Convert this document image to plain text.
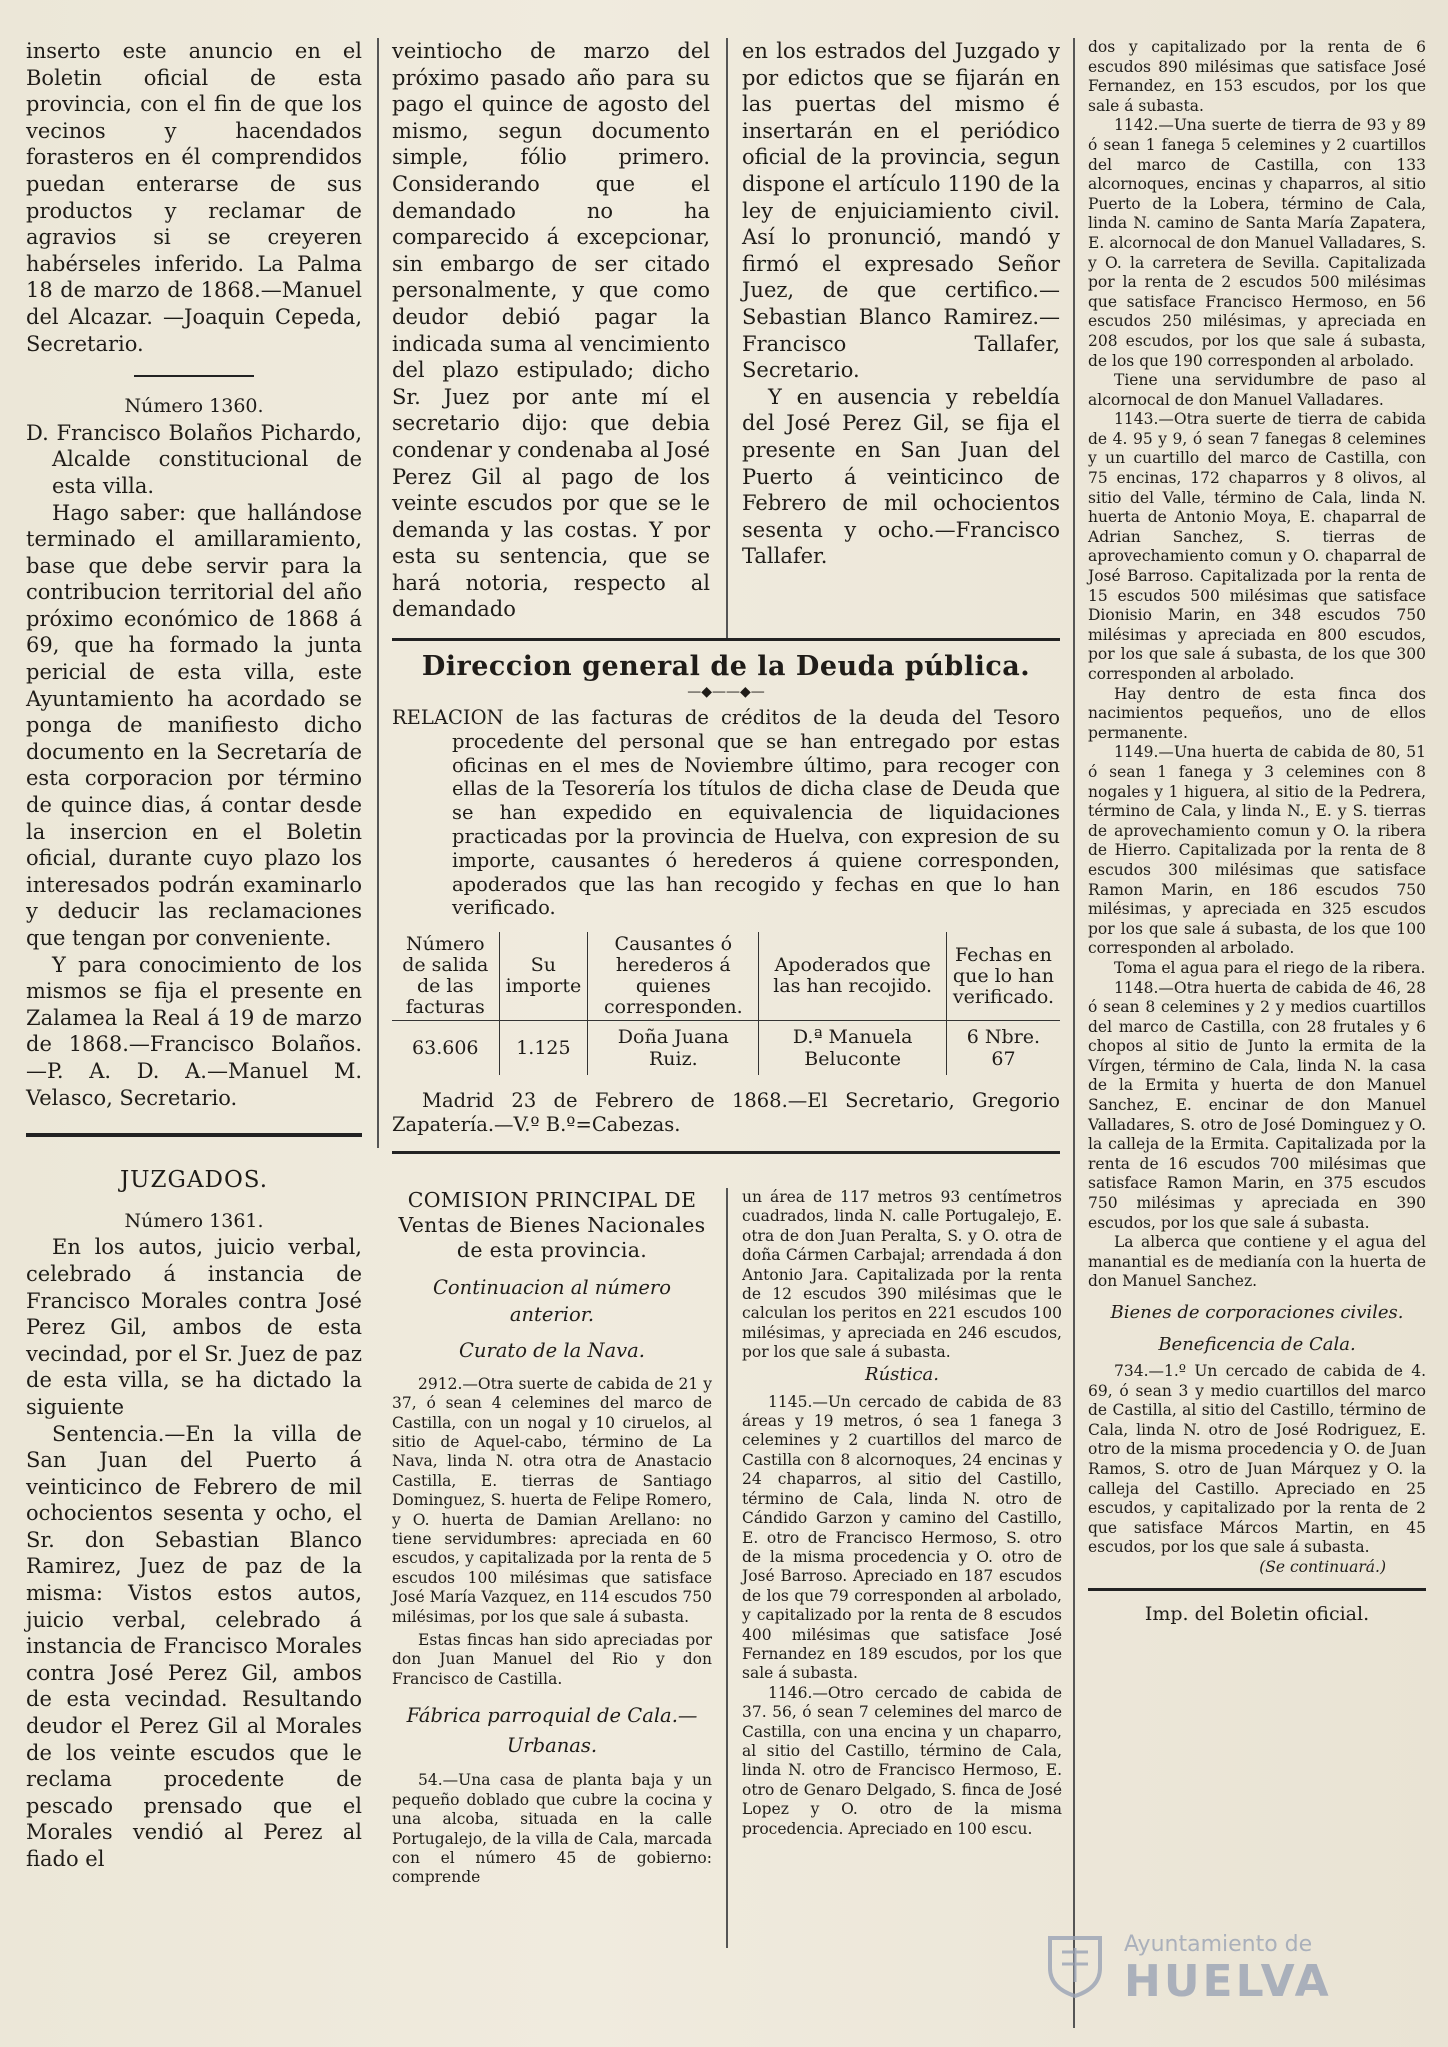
inserto este anuncio en el Boletin oficial de esta provincia, con el fin de que los vecinos y hacendados forasteros en él comprendidos puedan enterarse de sus productos y reclamar de agravios si se creyeren habérseles inferido. La Palma 18 de marzo de 1868.—Manuel del Alcazar. —Joaquin Cepeda, Secretario.

Número 1360.

D. Francisco Bolaños Pichardo, Alcalde constitucional de esta villa.

Hago saber: que hallándose terminado el amillaramiento, base que debe servir para la contribucion territorial del año próximo económico de 1868 á 69, que ha formado la junta pericial de esta villa, este Ayuntamiento ha acordado se ponga de manifiesto dicho documento en la Secretaría de esta corporacion por término de quince dias, á contar desde la insercion en el Boletin oficial, durante cuyo plazo los interesados podrán examinarlo y deducir las reclamaciones que tengan por conveniente.

Y para conocimiento de los mismos se fija el presente en Zalamea la Real á 19 de marzo de 1868.—Francisco Bolaños.—P. A. D. A.—Manuel M. Velasco, Secretario.

JUZGADOS.

Número 1361.

En los autos, juicio verbal, celebrado á instancia de Francisco Morales contra José Perez Gil, ambos de esta vecindad, por el Sr. Juez de paz de esta villa, se ha dictado la siguiente

Sentencia.—En la villa de San Juan del Puerto á veinticinco de Febrero de mil ochocientos sesenta y ocho, el Sr. don Sebastian Blanco Ramirez, Juez de paz de la misma: Vistos estos autos, juicio verbal, celebrado á instancia de Francisco Morales contra José Perez Gil, ambos de esta vecindad. Resultando deudor el Perez Gil al Morales de los veinte escudos que le reclama procedente de pescado prensado que el Morales vendió al Perez al fiado el

veintiocho de marzo del próximo pasado año para su pago el quince de agosto del mismo, segun documento simple, fólio primero. Considerando que el demandado no ha comparecido á excepcionar, sin embargo de ser citado personalmente, y que como deudor debió pagar la indicada suma al vencimiento del plazo estipulado; dicho Sr. Juez por ante mí el secretario dijo: que debia condenar y condenaba al José Perez Gil al pago de los veinte escudos por que se le demanda y las costas. Y por esta su sentencia, que se hará notoria, respecto al demandado

en los estrados del Juzgado y por edictos que se fijarán en las puertas del mismo é insertarán en el periódico oficial de la provincia, segun dispone el artículo 1190 de la ley de enjuiciamiento civil. Así lo pronunció, mandó y firmó el expresado Señor Juez, de que certifico.—Sebastian Blanco Ramirez.—Francisco Tallafer, Secretario.

Y en ausencia y rebeldía del José Perez Gil, se fija el presente en San Juan del Puerto á veinticinco de Febrero de mil ochocientos sesenta y ocho.—Francisco Tallafer.

Direccion general de la Deuda pública.
—◆——◆—

RELACION de las facturas de créditos de la deuda del Tesoro procedente del personal que se han entregado por estas oficinas en el mes de Noviembre último, para recoger con ellas de la Tesorería los títulos de dicha clase de Deuda que se han expedido en equivalencia de liquidaciones practicadas por la provincia de Huelva, con expresion de su importe, causantes ó herederos á quiene corresponden, apoderados que las han recogido y fechas en que lo han verificado.

Número de salida de las facturas	Su importe	Causantes ó herederos á quienes corresponden.	Apoderados que las han recojido.	Fechas en que lo han verificado.
63.606	1.125	Doña Juana Ruiz.	D.ª Manuela Beluconte	6 Nbre. 67

Madrid 23 de Febrero de 1868.—El Secretario, Gregorio Zapatería.—V.º B.º=Cabezas.

COMISION PRINCIPAL DE Ventas de Bienes Nacionales de esta provincia.

Continuacion al número anterior.

Curato de la Nava.

2912.—Otra suerte de cabida de 21 y 37, ó sean 4 celemines del marco de Castilla, con un nogal y 10 ciruelos, al sitio de Aquel-cabo, término de La Nava, linda N. otra otra de Anastacio Castilla, E. tierras de Santiago Dominguez, S. huerta de Felipe Romero, y O. huerta de Damian Arellano: no tiene servidumbres: apreciada en 60 escudos, y capitalizada por la renta de 5 escudos 100 milésimas que satisface José María Vazquez, en 114 escudos 750 milésimas, por los que sale á subasta.

Estas fincas han sido apreciadas por don Juan Manuel del Rio y don Francisco de Castilla.

Fábrica parroquial de Cala.—Urbanas.

54.—Una casa de planta baja y un pequeño doblado que cubre la cocina y una alcoba, situada en la calle Portugalejo, de la villa de Cala, marcada con el número 45 de gobierno: comprende

un área de 117 metros 93 centímetros cuadrados, linda N. calle Portugalejo, E. otra de don Juan Peralta, S. y O. otra de doña Cármen Carbajal; arrendada á don Antonio Jara. Capitalizada por la renta de 12 escudos 390 milésimas que le calculan los peritos en 221 escudos 100 milésimas, y apreciada en 246 escudos, por los que sale á subasta.

Rústica.

1145.—Un cercado de cabida de 83 áreas y 19 metros, ó sea 1 fanega 3 celemines y 2 cuartillos del marco de Castilla con 8 alcornoques, 24 encinas y 24 chaparros, al sitio del Castillo, término de Cala, linda N. otro de Cándido Garzon y camino del Castillo, E. otro de Francisco Hermoso, S. otro de la misma procedencia y O. otro de José Barroso. Apreciado en 187 escudos de los que 79 corresponden al arbolado, y capitalizado por la renta de 8 escudos 400 milésimas que satisface José Fernandez en 189 escudos, por los que sale á subasta.

1146.—Otro cercado de cabida de 37. 56, ó sean 7 celemines del marco de Castilla, con una encina y un chaparro, al sitio del Castillo, término de Cala, linda N. otro de Francisco Hermoso, E. otro de Genaro Delgado, S. finca de José Lopez y O. otro de la misma procedencia. Apreciado en 100 escu.

dos y capitalizado por la renta de 6 escudos 890 milésimas que satisface José Fernandez, en 153 escudos, por los que sale á subasta.

1142.—Una suerte de tierra de 93 y 89 ó sean 1 fanega 5 celemines y 2 cuartillos del marco de Castilla, con 133 alcornoques, encinas y chaparros, al sitio Puerto de la Lobera, término de Cala, linda N. camino de Santa María Zapatera, E. alcornocal de don Manuel Valladares, S. y O. la carretera de Sevilla. Capitalizada por la renta de 2 escudos 500 milésimas que satisface Francisco Hermoso, en 56 escudos 250 milésimas, y apreciada en 208 escudos, por los que sale á subasta, de los que 190 corresponden al arbolado.

Tiene una servidumbre de paso al alcornocal de don Manuel Valladares.

1143.—Otra suerte de tierra de cabida de 4. 95 y 9, ó sean 7 fanegas 8 celemines y un cuartillo del marco de Castilla, con 75 encinas, 172 chaparros y 8 olivos, al sitio del Valle, término de Cala, linda N. huerta de Antonio Moya, E. chaparral de Adrian Sanchez, S. tierras de aprovechamiento comun y O. chaparral de José Barroso. Capitalizada por la renta de 15 escudos 500 milésimas que satisface Dionisio Marin, en 348 escudos 750 milésimas y apreciada en 800 escudos, por los que sale á subasta, de los que 300 corresponden al arbolado.

Hay dentro de esta finca dos nacimientos pequeños, uno de ellos permanente.

1149.—Una huerta de cabida de 80, 51 ó sean 1 fanega y 3 celemines con 8 nogales y 1 higuera, al sitio de la Pedrera, término de Cala, y linda N., E. y S. tierras de aprovechamiento comun y O. la ribera de Hierro. Capitalizada por la renta de 8 escudos 300 milésimas que satisface Ramon Marin, en 186 escudos 750 milésimas, y apreciada en 325 escudos por los que sale á subasta, de los que 100 corresponden al arbolado.

Toma el agua para el riego de la ribera.

1148.—Otra huerta de cabida de 46, 28 ó sean 8 celemines y 2 y medios cuartillos del marco de Castilla, con 28 frutales y 6 chopos al sitio de Junto la ermita de la Vírgen, término de Cala, linda N. la casa de la Ermita y huerta de don Manuel Sanchez, E. encinar de don Manuel Valladares, S. otro de José Dominguez y O. la calleja de la Ermita. Capitalizada por la renta de 16 escudos 700 milésimas que satisface Ramon Marin, en 375 escudos 750 milésimas y apreciada en 390 escudos, por los que sale á subasta.

La alberca que contiene y el agua del manantial es de medianía con la huerta de don Manuel Sanchez.

Bienes de corporaciones civiles.

Beneficencia de Cala.

734.—1.º Un cercado de cabida de 4. 69, ó sean 3 y medio cuartillos del marco de Castilla, al sitio del Castillo, término de Cala, linda N. otro de José Rodriguez, E. otro de la misma procedencia y O. de Juan Ramos, S. otro de Juan Márquez y O. la calleja del Castillo. Apreciado en 25 escudos, y capitalizado por la renta de 2 que satisface Márcos Martin, en 45 escudos, por los que sale á subasta.

(Se continuará.)

Imp. del Boletin oficial.

Ayuntamiento de
HUELVA
